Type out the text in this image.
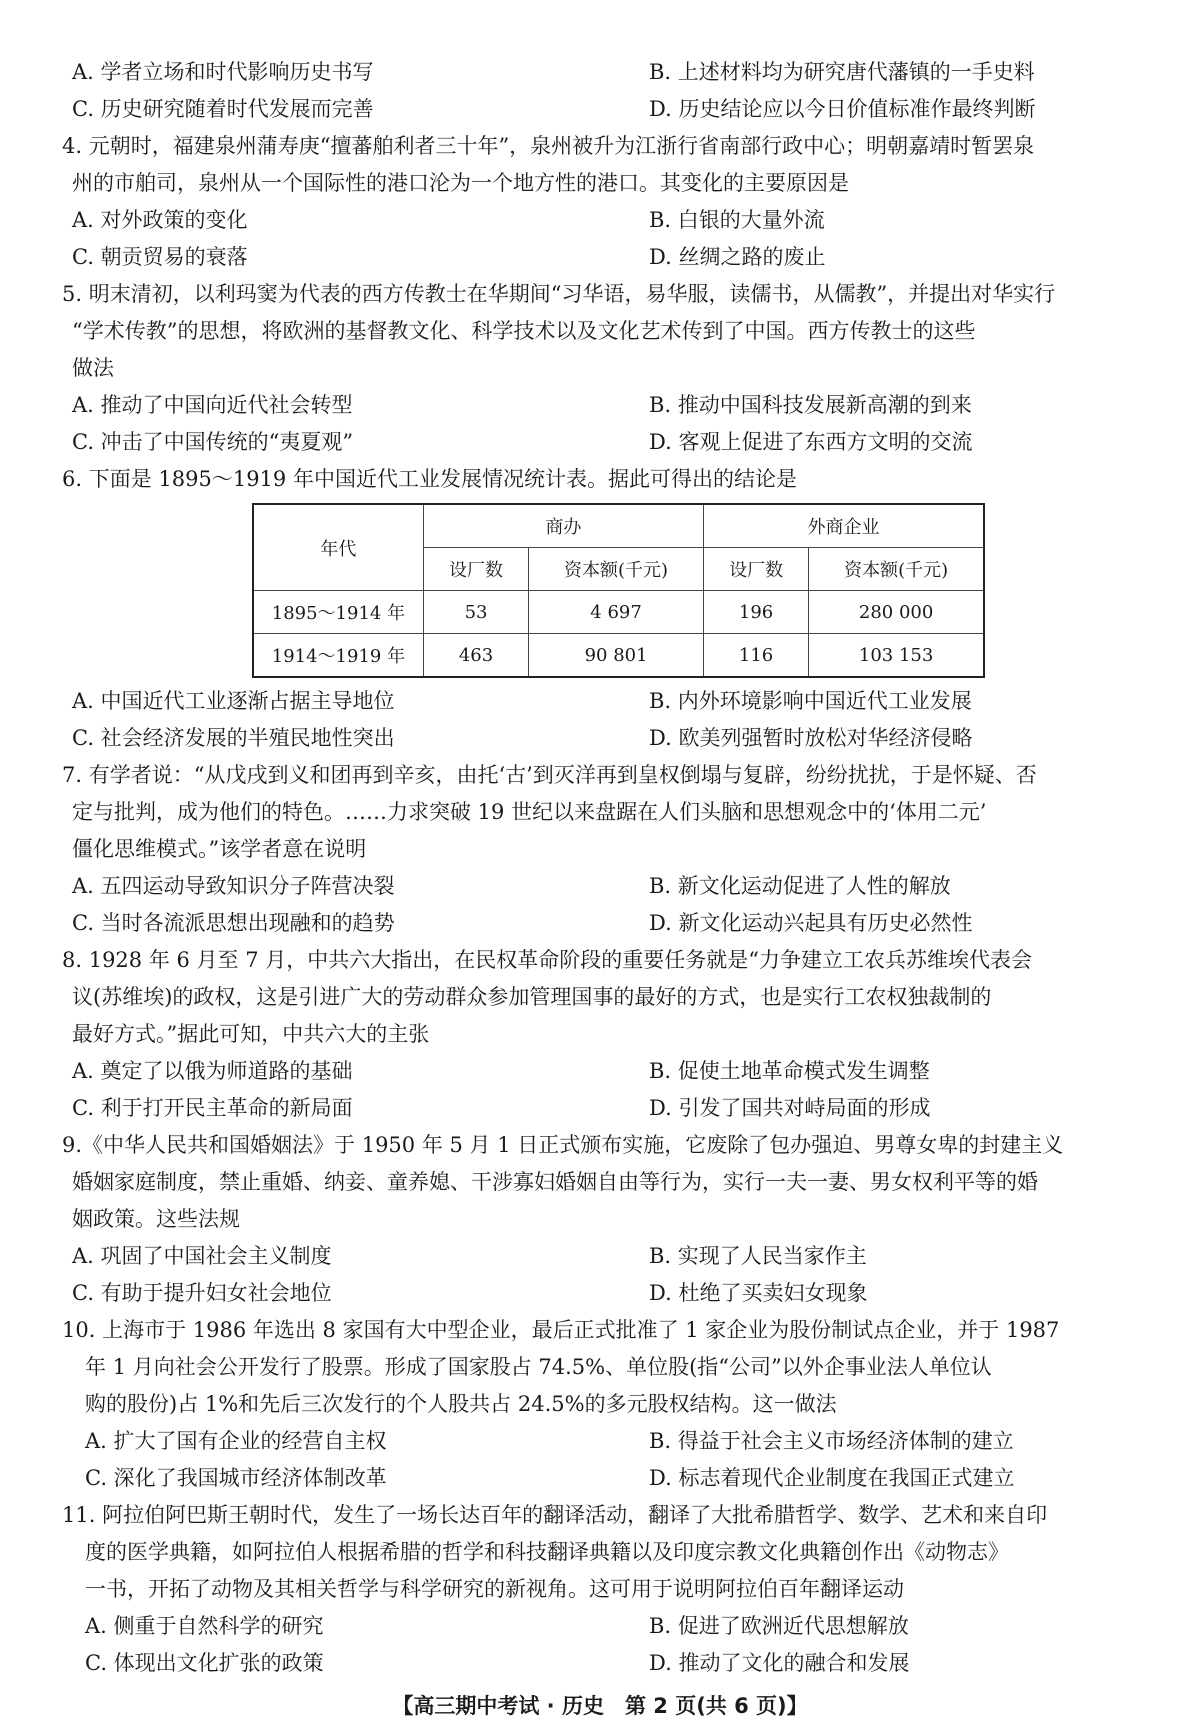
A. 学者立场和时代影响历史书写	B. 上述材料均为研究唐代藩镇的一手史料
C. 历史研究随着时代发展而完善	D. 历史结论应以今日价值标准作最终判断
4. 元朝时，福建泉州蒲寿庚“擅蕃舶利者三十年”，泉州被升为江浙行省南部行政中心；明朝嘉靖时暂罢泉
州的市舶司，泉州从一个国际性的港口沦为一个地方性的港口。其变化的主要原因是
A. 对外政策的变化	B. 白银的大量外流
C. 朝贡贸易的衰落	D. 丝绸之路的废止
5. 明末清初，以利玛窦为代表的西方传教士在华期间“习华语，易华服，读儒书，从儒教”，并提出对华实行
“学术传教”的思想，将欧洲的基督教文化、科学技术以及文化艺术传到了中国。西方传教士的这些
做法
A. 推动了中国向近代社会转型	B. 推动中国科技发展新高潮的到来
C. 冲击了中国传统的“夷夏观”	D. 客观上促进了东西方文明的交流
6. 下面是 1895～1919 年中国近代工业发展情况统计表。据此可得出的结论是
年代	商办		外商企业	
	设厂数	资本额(千元)	设厂数	资本额(千元)
1895～1914 年	53	4 697	196	280 000
1914～1919 年	463	90 801	116	103 153
A. 中国近代工业逐渐占据主导地位	B. 内外环境影响中国近代工业发展
C. 社会经济发展的半殖民地性突出	D. 欧美列强暂时放松对华经济侵略
7. 有学者说：“从戊戌到义和团再到辛亥，由托‘古’到灭洋再到皇权倒塌与复辟，纷纷扰扰，于是怀疑、否
定与批判，成为他们的特色。……力求突破 19 世纪以来盘踞在人们头脑和思想观念中的‘体用二元’
僵化思维模式。”该学者意在说明
A. 五四运动导致知识分子阵营决裂	B. 新文化运动促进了人性的解放
C. 当时各流派思想出现融和的趋势	D. 新文化运动兴起具有历史必然性
8. 1928 年 6 月至 7 月，中共六大指出，在民权革命阶段的重要任务就是“力争建立工农兵苏维埃代表会
议(苏维埃)的政权，这是引进广大的劳动群众参加管理国事的最好的方式，也是实行工农权独裁制的
最好方式。”据此可知，中共六大的主张
A. 奠定了以俄为师道路的基础	B. 促使土地革命模式发生调整
C. 利于打开民主革命的新局面	D. 引发了国共对峙局面的形成
9.《中华人民共和国婚姻法》于 1950 年 5 月 1 日正式颁布实施，它废除了包办强迫、男尊女卑的封建主义
婚姻家庭制度，禁止重婚、纳妾、童养媳、干涉寡妇婚姻自由等行为，实行一夫一妻、男女权利平等的婚
姻政策。这些法规
A. 巩固了中国社会主义制度	B. 实现了人民当家作主
C. 有助于提升妇女社会地位	D. 杜绝了买卖妇女现象
10. 上海市于 1986 年选出 8 家国有大中型企业，最后正式批准了 1 家企业为股份制试点企业，并于 1987
年 1 月向社会公开发行了股票。形成了国家股占 74.5%、单位股(指“公司”以外企事业法人单位认
购的股份)占 1%和先后三次发行的个人股共占 24.5%的多元股权结构。这一做法
A. 扩大了国有企业的经营自主权	B. 得益于社会主义市场经济体制的建立
C. 深化了我国城市经济体制改革	D. 标志着现代企业制度在我国正式建立
11. 阿拉伯阿巴斯王朝时代，发生了一场长达百年的翻译活动，翻译了大批希腊哲学、数学、艺术和来自印
度的医学典籍，如阿拉伯人根据希腊的哲学和科技翻译典籍以及印度宗教文化典籍创作出《动物志》
一书，开拓了动物及其相关哲学与科学研究的新视角。这可用于说明阿拉伯百年翻译运动
A. 侧重于自然科学的研究	B. 促进了欧洲近代思想解放
C. 体现出文化扩张的政策	D. 推动了文化的融合和发展
【高三期中考试 · 历史　第 2 页(共 6 页)】
